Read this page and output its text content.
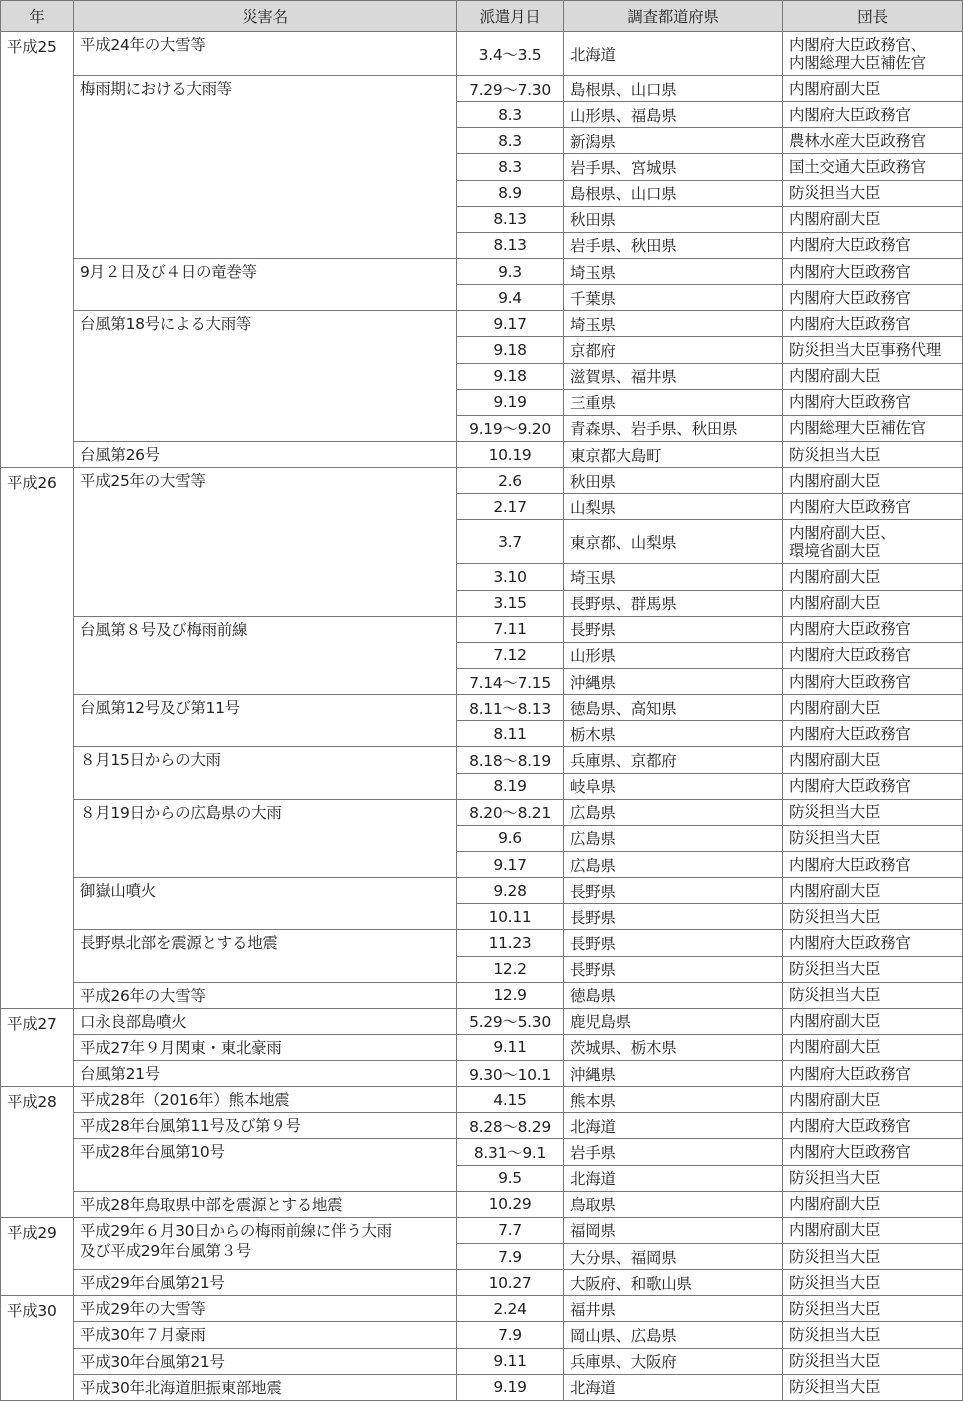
年	災害名	派遣月日	調査都道府県	団長
平成25	平成24年の大雪等	3.4〜3.5	北海道	内閣府大臣政務官、
内閣総理大臣補佐官

	梅雨期における大雨等	7.29〜7.30	島根県、山口県	内閣府副大臣

		8.3	山形県、福島県	内閣府大臣政務官

		8.3	新潟県	農林水産大臣政務官

		8.3	岩手県、宮城県	国土交通大臣政務官

		8.9	島根県、山口県	防災担当大臣

		8.13	秋田県	内閣府副大臣

		8.13	岩手県、秋田県	内閣府大臣政務官

	9月２日及び４日の竜巻等	9.3	埼玉県	内閣府大臣政務官

		9.4	千葉県	内閣府大臣政務官

	台風第18号による大雨等	9.17	埼玉県	内閣府大臣政務官

		9.18	京都府	防災担当大臣事務代理

		9.18	滋賀県、福井県	内閣府副大臣

		9.19	三重県	内閣府大臣政務官

		9.19〜9.20	青森県、岩手県、秋田県	内閣総理大臣補佐官

	台風第26号	10.19	東京都大島町	防災担当大臣

平成26	平成25年の大雪等	2.6	秋田県	内閣府副大臣

		2.17	山梨県	内閣府大臣政務官

		3.7	東京都、山梨県	内閣府副大臣、
環境省副大臣

		3.10	埼玉県	内閣府副大臣

		3.15	長野県、群馬県	内閣府副大臣

	台風第８号及び梅雨前線	7.11	長野県	内閣府大臣政務官

		7.12	山形県	内閣府大臣政務官

		7.14〜7.15	沖縄県	内閣府大臣政務官

	台風第12号及び第11号	8.11〜8.13	徳島県、高知県	内閣府副大臣

		8.11	栃木県	内閣府大臣政務官

	８月15日からの大雨	8.18〜8.19	兵庫県、京都府	内閣府副大臣

		8.19	岐阜県	内閣府大臣政務官

	８月19日からの広島県の大雨	8.20〜8.21	広島県	防災担当大臣

		9.6	広島県	防災担当大臣

		9.17	広島県	内閣府大臣政務官

	御嶽山噴火	9.28	長野県	内閣府副大臣

		10.11	長野県	防災担当大臣

	長野県北部を震源とする地震	11.23	長野県	内閣府大臣政務官

		12.2	長野県	防災担当大臣

	平成26年の大雪等	12.9	徳島県	防災担当大臣

平成27	口永良部島噴火	5.29〜5.30	鹿児島県	内閣府副大臣

	平成27年９月関東・東北豪雨	9.11	茨城県、栃木県	内閣府副大臣

	台風第21号	9.30〜10.1	沖縄県	内閣府大臣政務官

平成28	平成28年（2016年）熊本地震	4.15	熊本県	内閣府副大臣

	平成28年台風第11号及び第９号	8.28〜8.29	北海道	内閣府大臣政務官

	平成28年台風第10号	8.31〜9.1	岩手県	内閣府大臣政務官

		9.5	北海道	防災担当大臣

	平成28年鳥取県中部を震源とする地震	10.29	鳥取県	内閣府副大臣

平成29	平成29年６月30日からの梅雨前線に伴う大雨
及び平成29年台風第３号	7.7	福岡県	内閣府副大臣

		7.9	大分県、福岡県	防災担当大臣

	平成29年台風第21号	10.27	大阪府、和歌山県	防災担当大臣

平成30	平成29年の大雪等	2.24	福井県	防災担当大臣

	平成30年７月豪雨	7.9	岡山県、広島県	防災担当大臣

	平成30年台風第21号	9.11	兵庫県、大阪府	防災担当大臣

	平成30年北海道胆振東部地震	9.19	北海道	防災担当大臣
